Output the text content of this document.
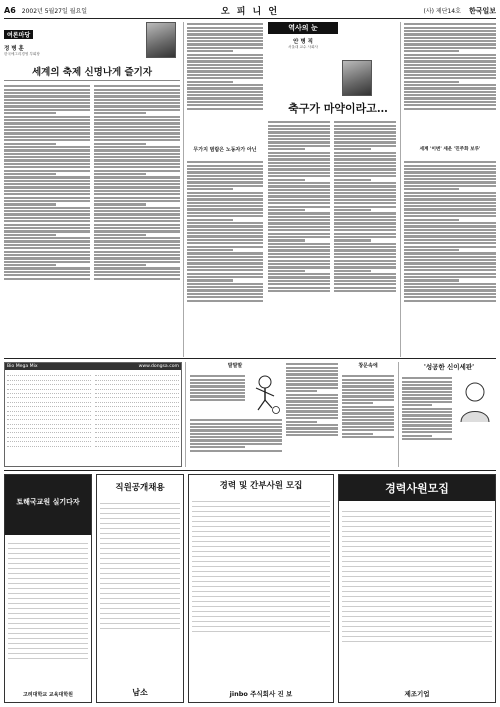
A6 2002년 5월27일 월요일	오 피 니 언	(사) 제단14호 한국일보
여론마당
정 병 훈
한국에그리경영 부회장
세계의 축제 신명나게 즐기자
무가지 범람은 노동자가 아닌
역사의 눈
안 병 직
서울대 교수 사회사
축구가 마약이라고…
세계 '이변' 세운 '민주화 보루'
Bio Mega Mix	www.dongsa.com	말말말	창문속에	'성공한 신이세판'
토해국교원 실기다자
고려대학교 교육대학원
직원공개채용
남소
경력 및 간부사원 모집
jinbo 주식회사 진 보
경력사원모집
제조기업
